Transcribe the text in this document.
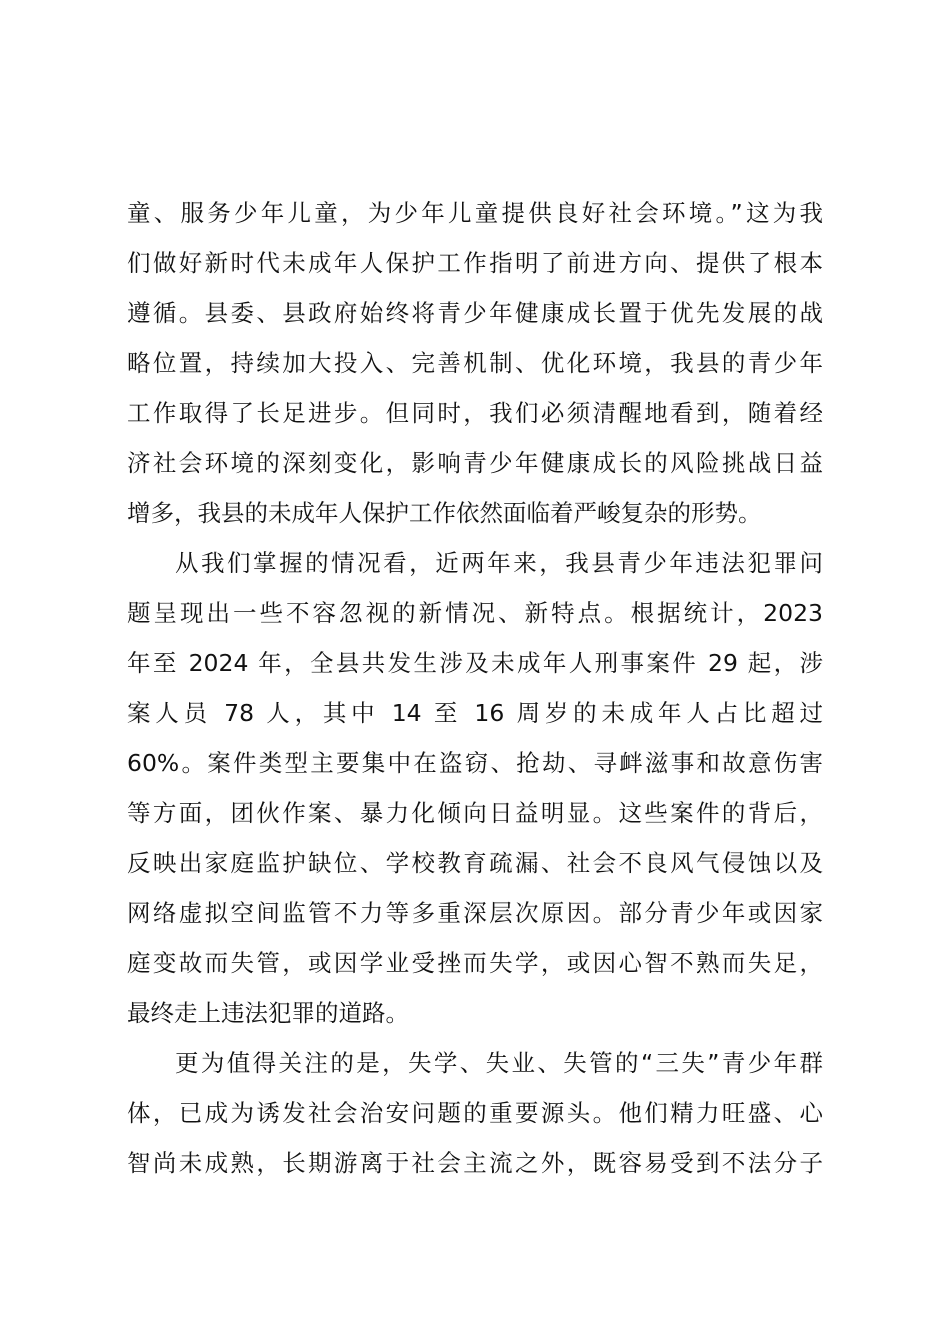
童、服务少年儿童，为少年儿童提供良好社会环境。”这为我
们做好新时代未成年人保护工作指明了前进方向、提供了根本
遵循。县委、县政府始终将青少年健康成长置于优先发展的战
略位置，持续加大投入、完善机制、优化环境，我县的青少年
工作取得了长足进步。但同时，我们必须清醒地看到，随着经
济社会环境的深刻变化，影响青少年健康成长的风险挑战日益
增多，我县的未成年人保护工作依然面临着严峻复杂的形势。
从我们掌握的情况看，近两年来，我县青少年违法犯罪问
题呈现出一些不容忽视的新情况、新特点。根据统计，2023
年至 2024 年，全县共发生涉及未成年人刑事案件 29 起，涉
案人员 78 人，其中 14 至 16 周岁的未成年人占比超过
60%。案件类型主要集中在盗窃、抢劫、寻衅滋事和故意伤害
等方面，团伙作案、暴力化倾向日益明显。这些案件的背后，
反映出家庭监护缺位、学校教育疏漏、社会不良风气侵蚀以及
网络虚拟空间监管不力等多重深层次原因。部分青少年或因家
庭变故而失管，或因学业受挫而失学，或因心智不熟而失足，
最终走上违法犯罪的道路。
更为值得关注的是，失学、失业、失管的“三失”青少年群
体，已成为诱发社会治安问题的重要源头。他们精力旺盛、心
智尚未成熟，长期游离于社会主流之外，既容易受到不法分子
